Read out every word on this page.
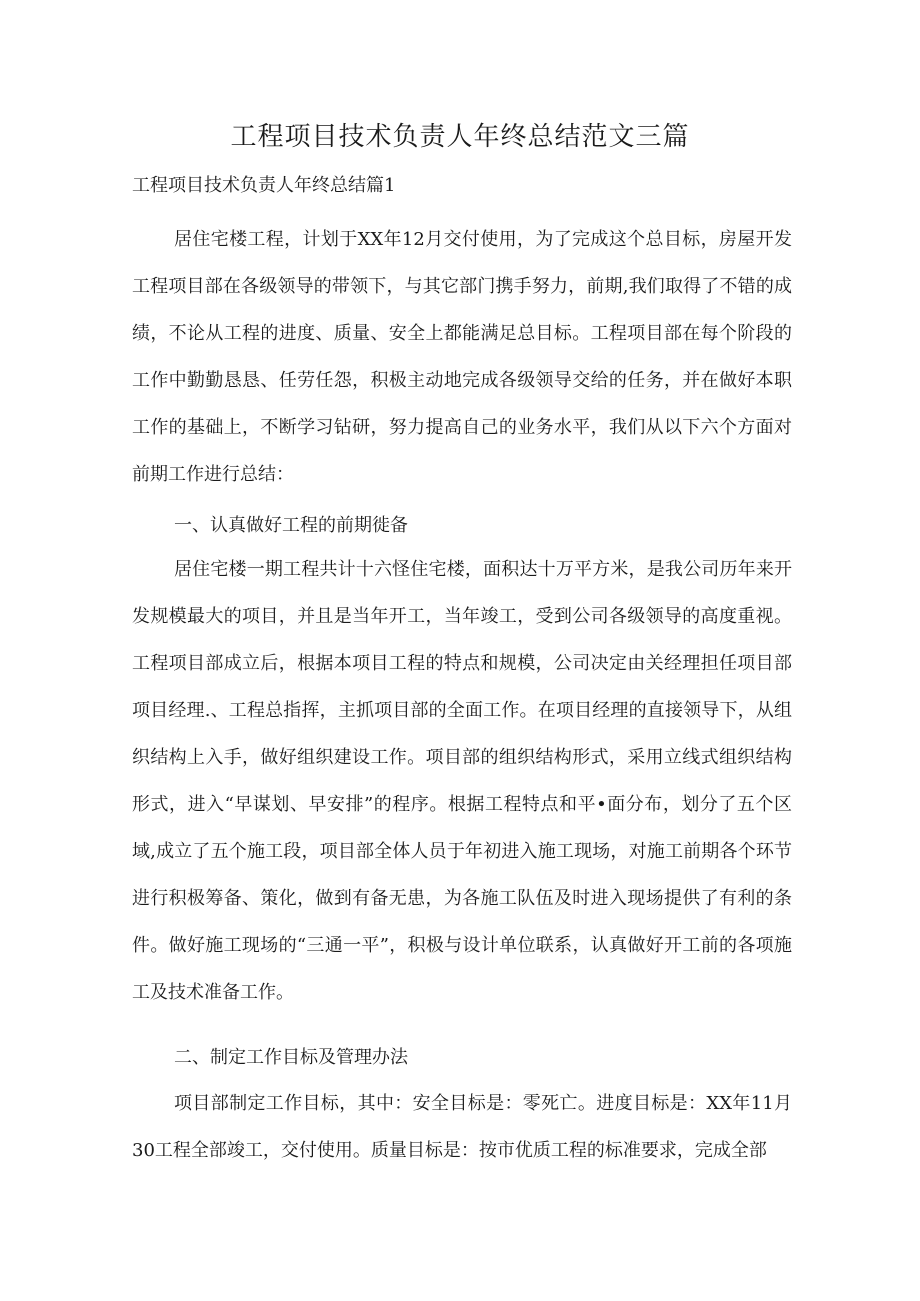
工程项目技术负责人年终总结范文三篇

工程项目技术负责人年终总结篇1

居住宅楼工程，计划于XX年12月交付使用，为了完成这个总目标，房屋开发工程项目部在各级领导的带领下，与其它部门携手努力，前期,我们取得了不错的成绩，不论从工程的进度、质量、安全上都能满足总目标。工程项目部在每个阶段的工作中勤勤恳恳、任劳任怨，积极主动地完成各级领导交给的任务，并在做好本职工作的基础上，不断学习钻研，努力提高自己的业务水平，我们从以下六个方面对前期工作进行总结：

一、认真做好工程的前期徙备

居住宅楼一期工程共计十六怪住宅楼，面积达十万平方米，是我公司历年来开发规模最大的项目，并且是当年开工，当年竣工，受到公司各级领导的高度重视。工程项目部成立后，根据本项目工程的特点和规模，公司决定由关经理担任项目部项目经理.、工程总指挥，主抓项目部的全面工作。在项目经理的直接领导下，从组织结构上入手，做好组织建设工作。项目部的组织结构形式，采用立线式组织结构形式，进入“早谋划、早安排”的程序。根据工程特点和平•面分布，划分了五个区域,成立了五个施工段，项目部全体人员于年初进入施工现场，对施工前期各个环节进行积极筹备、策化，做到有备无患，为各施工队伍及时进入现场提供了有利的条件。做好施工现场的“三通一平”，积极与设计单位联系，认真做好开工前的各项施工及技术准备工作。

二、制定工作目标及管理办法

项目部制定工作目标，其中：安全目标是：零死亡。进度目标是：XX年11月30工程全部竣工，交付使用。质量目标是：按市优质工程的标准要求，完成全部
